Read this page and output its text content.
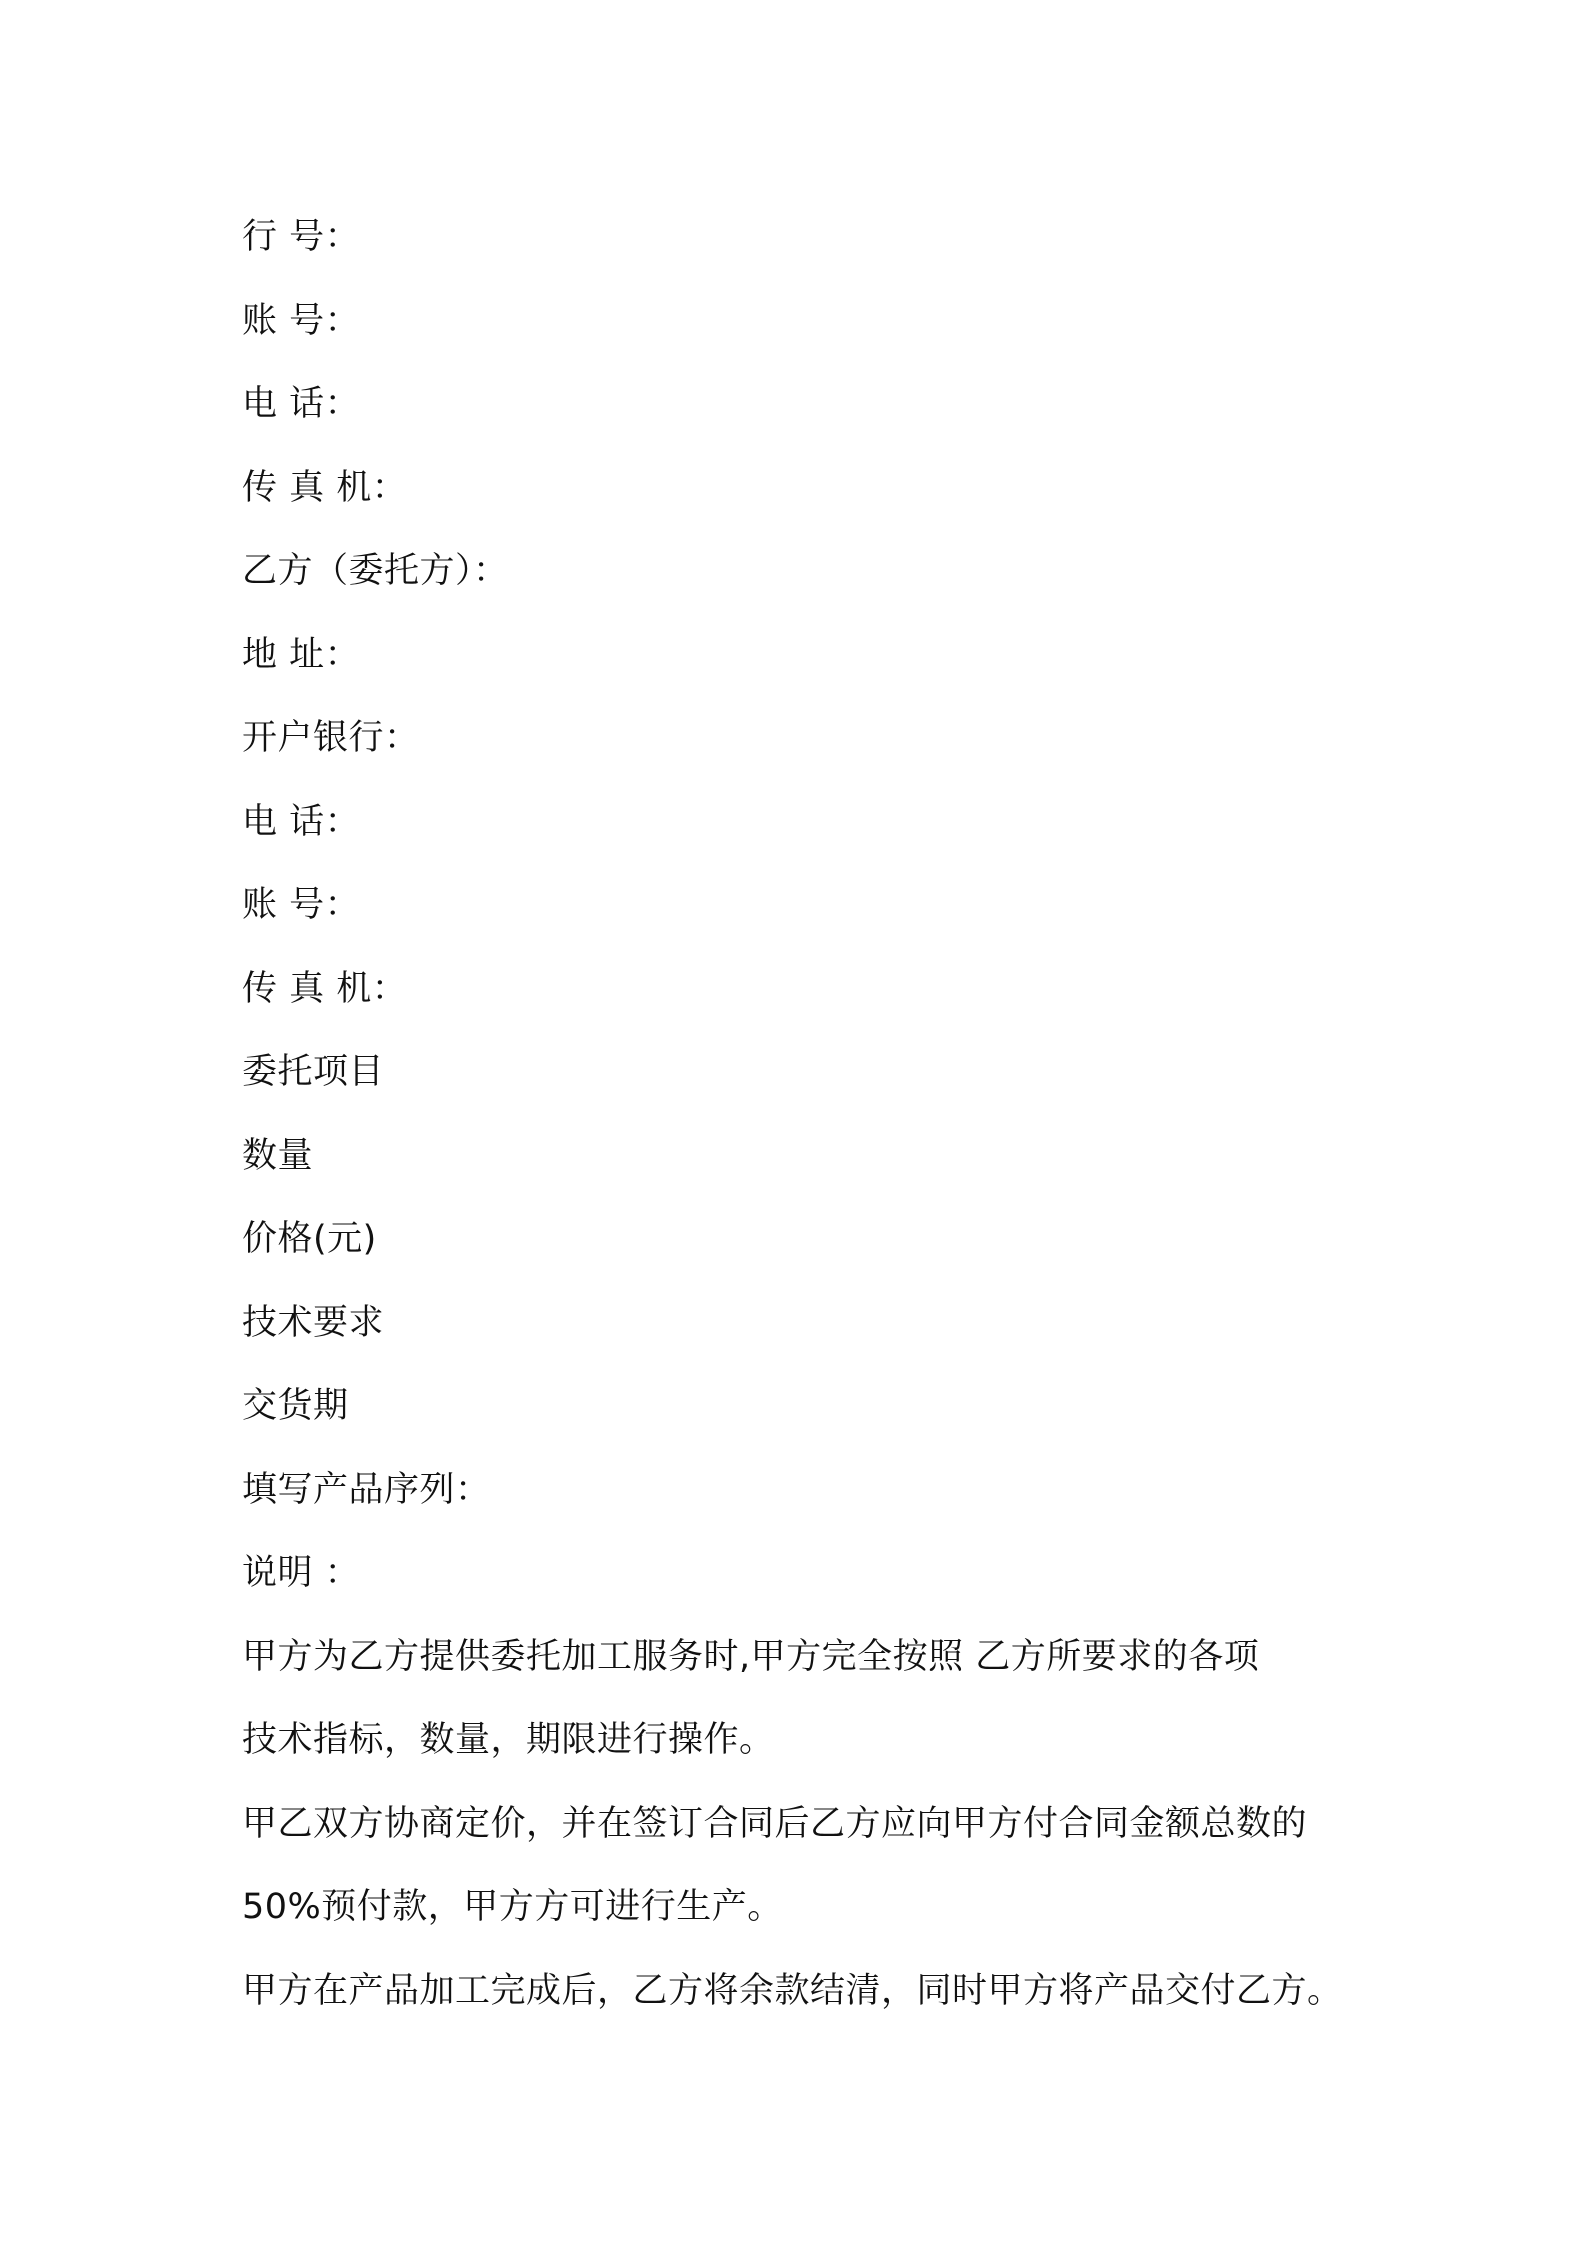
行 号：
账 号：
电 话：
传 真 机：
乙方（委托方）：
地 址：
开户银行：
电 话：
账 号：
传 真 机：
委托项目
数量
价格(元)
技术要求
交货期
填写产品序列：
说明 ：
甲方为乙方提供委托加工服务时,甲方完全按照 乙方所要求的各项
技术指标，数量，期限进行操作。
甲乙双方协商定价，并在签订合同后乙方应向甲方付合同金额总数的
50%预付款，甲方方可进行生产。
甲方在产品加工完成后，乙方将余款结清，同时甲方将产品交付乙方。
